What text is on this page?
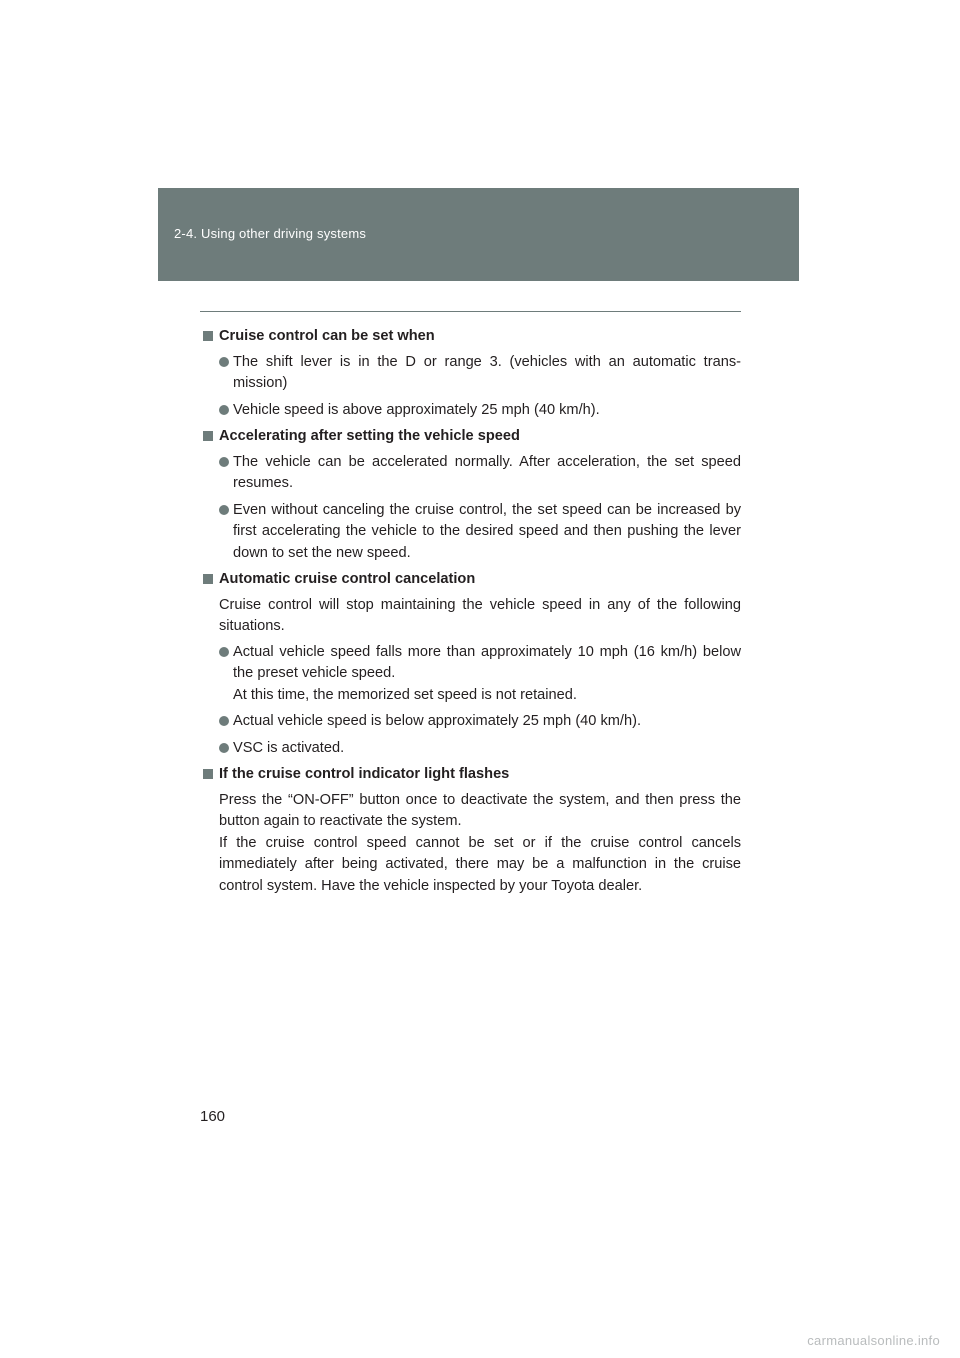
2-4. Using other driving systems
Cruise control can be set when
The shift lever is in the D or range 3. (vehicles with an automatic trans-mission)
Vehicle speed is above approximately 25 mph (40 km/h).
Accelerating after setting the vehicle speed
The vehicle can be accelerated normally. After acceleration, the set speed resumes.
Even without canceling the cruise control, the set speed can be increased by first accelerating the vehicle to the desired speed and then pushing the lever down to set the new speed.
Automatic cruise control cancelation
Cruise control will stop maintaining the vehicle speed in any of the following situations.
Actual vehicle speed falls more than approximately 10 mph (16 km/h) below the preset vehicle speed.
At this time, the memorized set speed is not retained.
Actual vehicle speed is below approximately 25 mph (40 km/h).
VSC is activated.
If the cruise control indicator light flashes
Press the “ON-OFF” button once to deactivate the system, and then press the button again to reactivate the system.
If the cruise control speed cannot be set or if the cruise control cancels immediately after being activated, there may be a malfunction in the cruise control system. Have the vehicle inspected by your Toyota dealer.
160
carmanualsonline.info
